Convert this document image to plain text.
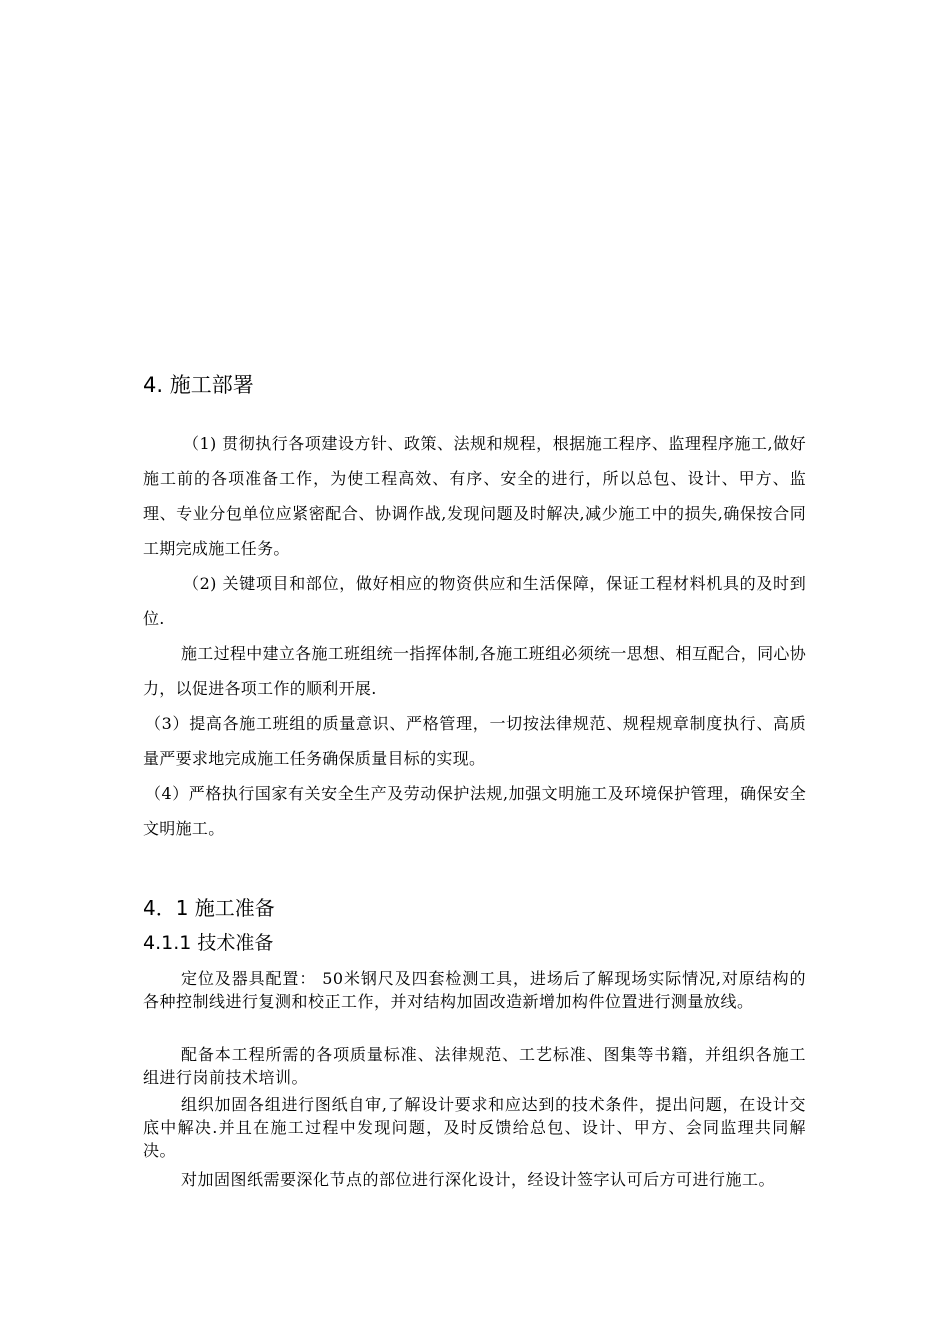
4. 施工部署

（1) 贯彻执行各项建设方针、政策、法规和规程，根据施工程序、监理程序施工,做好施工前的各项准备工作，为使工程高效、有序、安全的进行，所以总包、设计、甲方、监理、专业分包单位应紧密配合、协调作战,发现问题及时解决,减少施工中的损失,确保按合同工期完成施工任务。

（2) 关键项目和部位，做好相应的物资供应和生活保障，保证工程材料机具的及时到位.

施工过程中建立各施工班组统一指挥体制,各施工班组必须统一思想、相互配合，同心协力，以促进各项工作的顺利开展.

（3）提高各施工班组的质量意识、严格管理，一切按法律规范、规程规章制度执行、高质量严要求地完成施工任务确保质量目标的实现。

（4）严格执行国家有关安全生产及劳动保护法规,加强文明施工及环境保护管理，确保安全文明施工。

4．1 施工准备
4.1.1 技术准备

定位及器具配置： 50米钢尺及四套检测工具，进场后了解现场实际情况,对原结构的各种控制线进行复测和校正工作，并对结构加固改造新增加构件位置进行测量放线。

配备本工程所需的各项质量标准、法律规范、工艺标准、图集等书籍，并组织各施工组进行岗前技术培训。

组织加固各组进行图纸自审,了解设计要求和应达到的技术条件，提出问题，在设计交底中解决.并且在施工过程中发现问题，及时反馈给总包、设计、甲方、会同监理共同解决。

对加固图纸需要深化节点的部位进行深化设计，经设计签字认可后方可进行施工。
